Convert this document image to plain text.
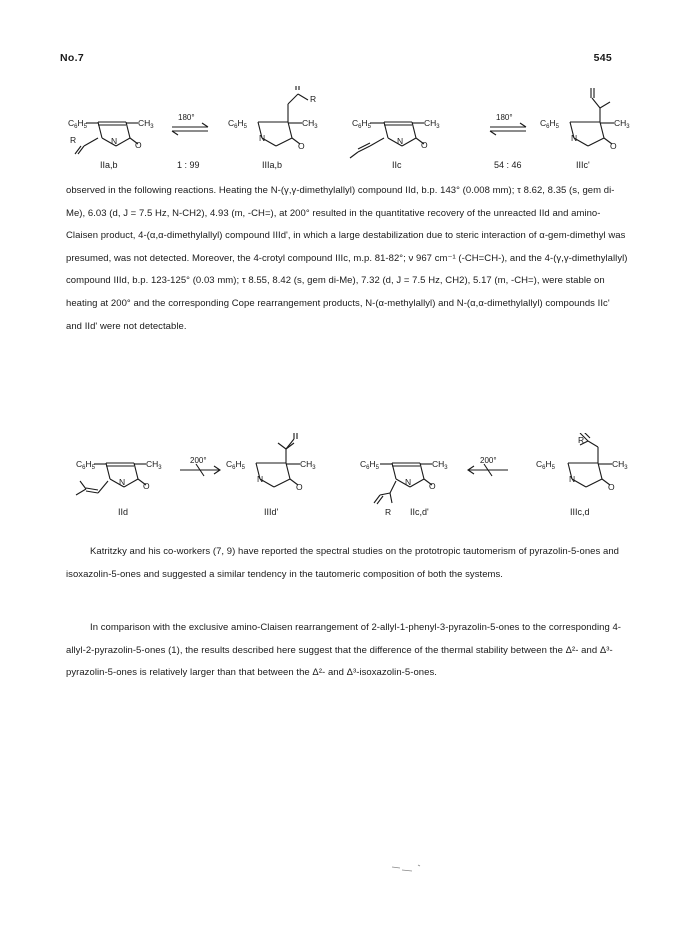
No.7	545
$C_6H_5$	$CH_3$
N O
R
$C_6H_5$	$CH_3$
N
O
R
$C_6H_5$	$CH_3$
N O
$C_6H_5$	$CH_3$
N
O
180°	180°
IIa,b	1 : 99	IIIa,b	IIc	54 : 46	IIIc'

observed in the following reactions. Heating the N-(γ,γ-dimethylallyl) compound IId, b.p. 143° (0.008 mm); τ 8.62, 8.35 (s, gem di-Me), 6.03 (d, J = 7.5 Hz, N-CH2), 4.93 (m, -CH=), at 200° resulted in the quantitative recovery of the unreacted IId and amino-Claisen product, 4-(α,α-dimethylallyl) compound IIId', in which a large destabilization due to steric interaction of α-gem-dimethyl was presumed, was not detected. Moreover, the 4-crotyl compound IIIc, m.p. 81-82°; ν 967 cm⁻¹ (-CH=CH-), and the 4-(γ,γ-dimethylallyl) compound IIId, b.p. 123-125° (0.03 mm); τ 8.55, 8.42 (s, gem di-Me), 7.32 (d, J = 7.5 Hz, CH2), 5.17 (m, -CH=), were stable on heating at 200° and the corresponding Cope rearrangement products, N-(α-methylallyl) and N-(α,α-dimethylallyl) compounds IIc' and IId' were not detectable.

$C_6H_5$	$CH_3$
N O
$C_6H_5$	$CH_3$
N
O
$C_6H_5$	$CH_3$
N O
R
$C_6H_5$	$CH_3$
N
O
R
200°	200°
IId	IIId'	IIc,d'	IIIc,d

Katritzky and his co-workers (7, 9) have reported the spectral studies on the prototropic tautomerism of pyrazolin-5-ones and isoxazolin-5-ones and suggested a similar tendency in the tautomeric composition of both the systems.

In comparison with the exclusive amino-Claisen rearrangement of 2-allyl-1-phenyl-3-pyrazolin-5-ones to the corresponding 4-allyl-2-pyrazolin-5-ones (1), the results described here suggest that the difference of the thermal stability between the Δ²- and Δ³-pyrazolin-5-ones is relatively larger than that between the Δ²- and Δ³-isoxazolin-5-ones.
